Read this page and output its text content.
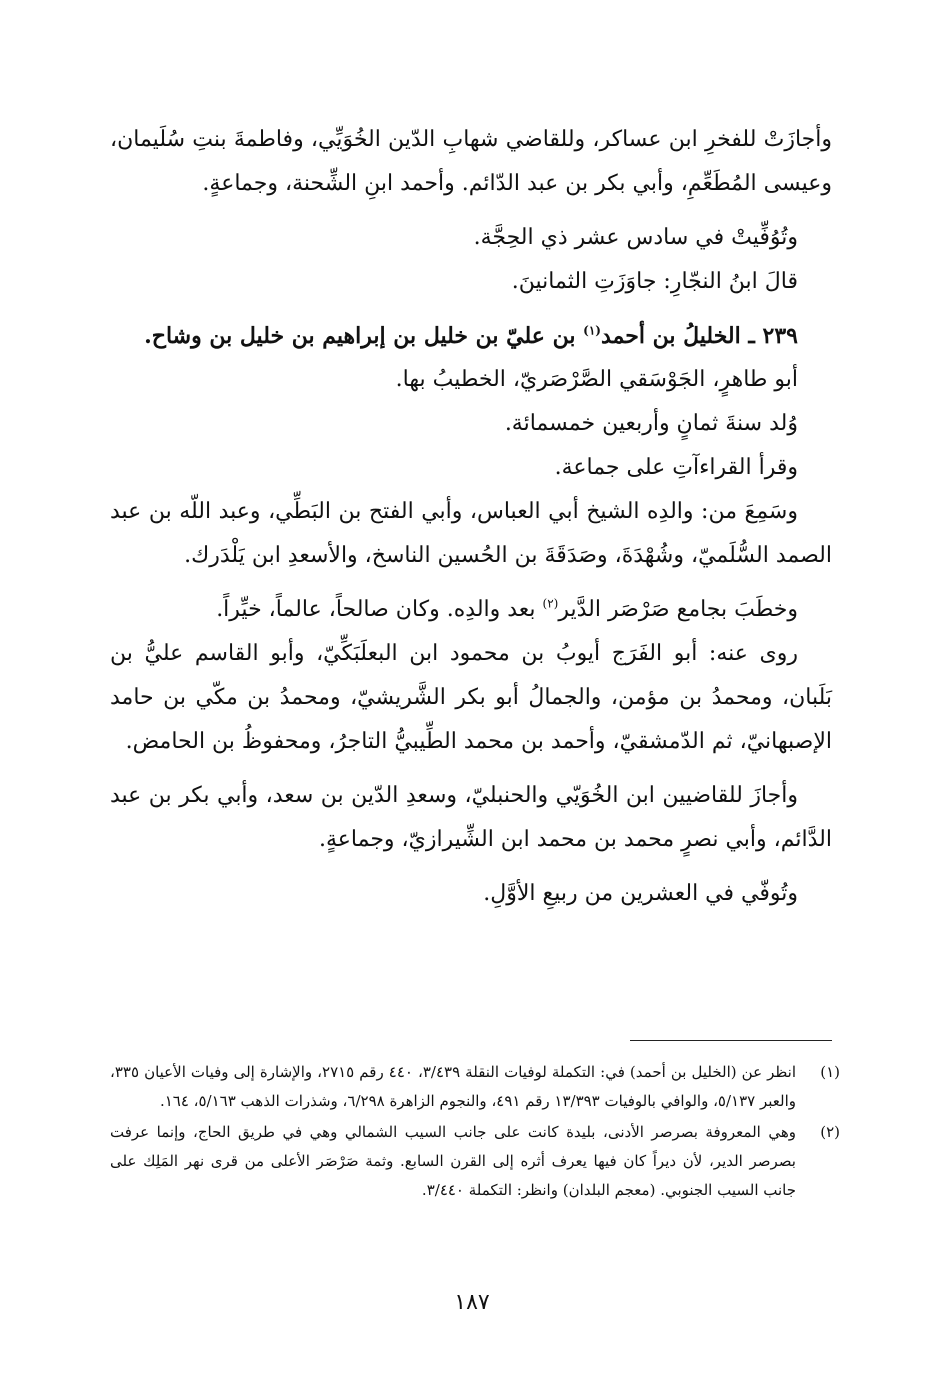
وأجازَتْ للفخرِ ابن عساكر، وللقاضي شهابِ الدّين الخُوَيِّي، وفاطمةَ بنتِ سُلَيمان، وعيسى المُطَعِّمِ، وأبي بكر بن عبد الدّائم. وأحمد ابنِ الشِّحنة، وجماعةٍ.

وتُوُفِّيتْ في سادس عشر ذي الحِجَّة.

قالَ ابنُ النجّارِ: جاوَزَتِ الثمانينَ.

٢٣٩ ـ الخليلُ بن أحمد$^{(١)}$ بن عليّ بن خليل بن إبراهيم بن خليل بن وشاح.

أبو طاهرٍ، الجَوْسَقي الصَّرْصَريّ، الخطيبُ بها.

وُلد سنةَ ثمانٍ وأربعين خمسمائة.

وقرأ القراءآتِ على جماعة.

وسَمِعَ من: والدِه الشيخ أبي العباس، وأبي الفتح بن البَطِّي، وعبد اللّه بن عبد الصمد السُّلَميّ، وشُهْدَةَ، وصَدَقَةَ بن الحُسين الناسخ، والأسعدِ ابن يَلْدَرك.

وخطَبَ بجامع صَرْصَر الدَّير$^{(٢)}$ بعد والدِه. وكان صالحاً، عالماً، خيِّراً.

روى عنه: أبو الفَرَج أيوبُ بن محمود ابن البعلَبَكِّيّ، وأبو القاسم عليُّ بن بَلَبان، ومحمدُ بن مؤمن، والجمالُ أبو بكر الشَّريشيّ، ومحمدُ بن مكّي بن حامد الإصبهانيّ، ثم الدّمشقيّ، وأحمد بن محمد الطِّيبيُّ التاجرُ، ومحفوظُ بن الحامض.

وأجازَ للقاضيين ابن الخُوَيّي والحنبليّ، وسعدِ الدّين بن سعد، وأبي بكر بن عبد الدَّائم، وأبي نصرٍ محمد بن محمد ابن الشِّيرازيّ، وجماعةٍ.

وتُوفّي في العشرين من ربيعِ الأوَّلِ.

(١)
انظر عن (الخليل بن أحمد) في: التكملة لوفيات النقلة ٣/٤٣٩، ٤٤٠ رقم ٢٧١٥، والإشارة إلى وفيات الأعيان ٣٣٥، والعبر ٥/١٣٧، والوافي بالوفيات ١٣/٣٩٣ رقم ٤٩١، والنجوم الزاهرة ٦/٢٩٨، وشذرات الذهب ٥/١٦٣، ١٦٤.
(٢)
وهي المعروفة بصرصر الأدنى، بليدة كانت على جانب السيب الشمالي وهي في طريق الحاج، وإنما عرفت بصرصر الدير، لأن ديراً كان فيها يعرف أثره إلى القرن السابع. وثمة صَرْصَر الأعلى من قرى نهر المَلِك على جانب السيب الجنوبي. (معجم البلدان) وانظر: التكملة ٣/٤٤٠.
١٨٧
